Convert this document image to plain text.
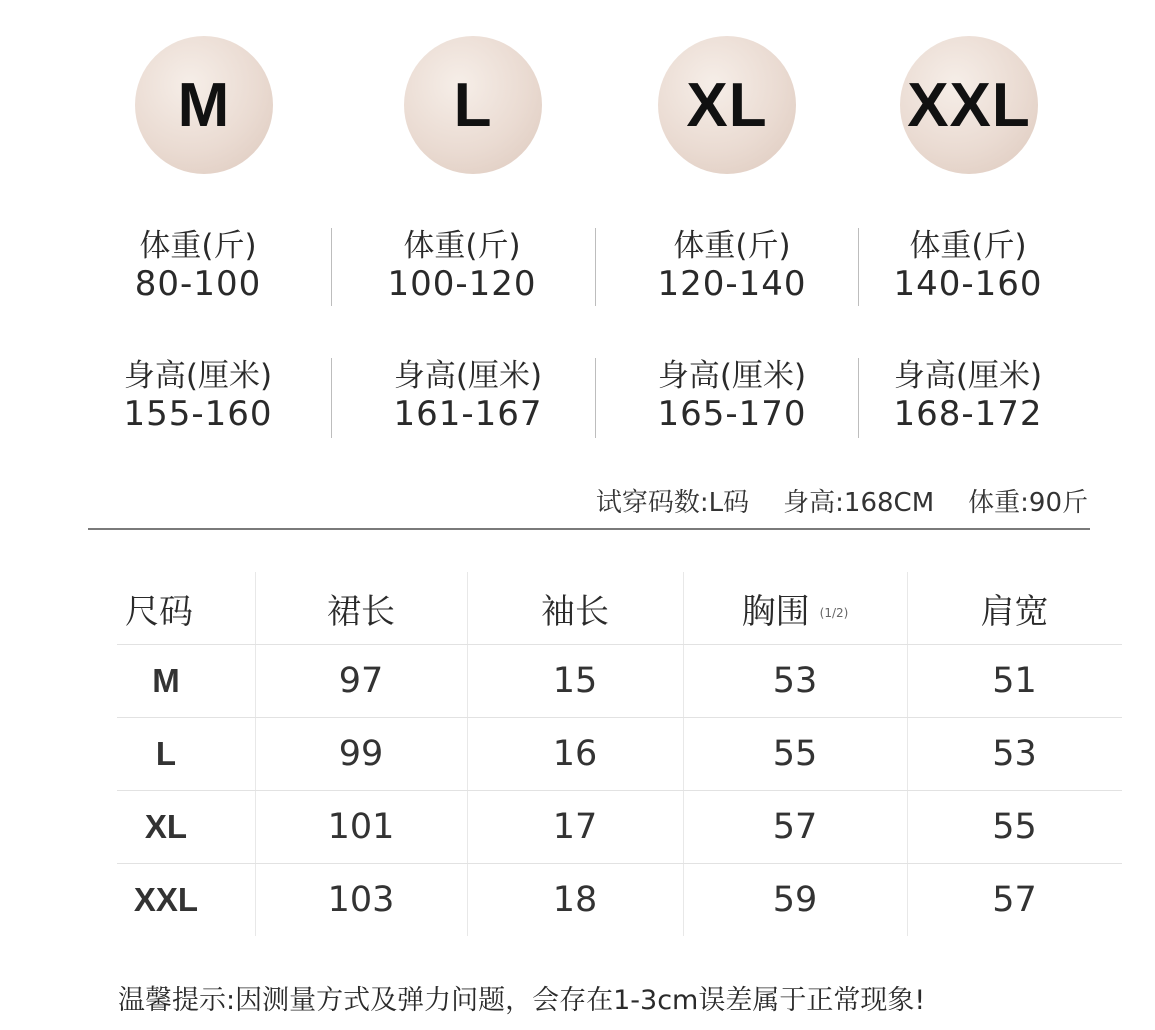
M	L	XL XXL
体重(斤)
80-100
体重(斤)
100-120
体重(斤)
120-140
体重(斤)
140-160
身高(厘米)
155-160
身高(厘米)
161-167
身高(厘米)
165-170
身高(厘米)
168-172
试穿码数:L码 身高:168CM 体重:90斤
尺码	裙长	袖长	胸围 (1/2)	肩宽
M	97	15	53	51
L	99	16	55	53
XL	101	17	57	55
XXL	103	18	59	57
温馨提示:因测量方式及弹力问题，会存在1-3cm误差属于正常现象!
